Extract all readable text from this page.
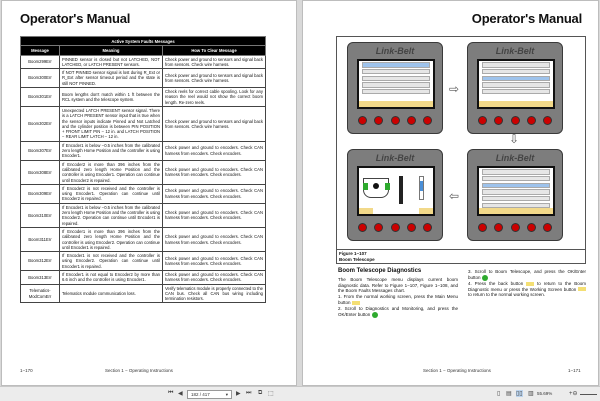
Operator's Manual
Active System Faults Messages		
Message	Meaning	How To Clear Message
Boom299Err	PINNED sensor is closed but not LATCHED, NOT LATCHED, or LATCH PRESENT sensors.	Check power and ground to sensors and signal back from sensors. Check wire harness.
Boom300Err	If NOT PINNED sensor signal is lost during R_Ext or R_Ext after sensor timeout period and the state is still NOT PINNED.	Check power and ground to sensors and signal back from sensors. Check wire harness.
Boom301Err	Boom lengths don't match within 1 ft between the RCL system and the telescope system.	Check reels for correct cable spooling. Look for any reason the reel would not show the correct boom length. Re-zero reels.
Boom302Err	Unexpected LATCH PRESENT sensor signal. There is a LATCH PRESENT sensor input that is true when the sensor inputs indicate Pinned and Not Latched and the cylinder position is between PIN POSITION + FRONT LIMIT PIN − 12 in. and LATCH POSITION − REAR LIMIT LATCH − 12 in.	Check power and ground to sensors and signal back from sensors. Check wire harness.
Boom307Err	If Encoder1 is below −0.5 inches from the calibrated zero length Home Position and the controller is using Encoder1.	Check power and ground to encoders. Check CAN harness from encoders. Check encoders.
Boom308Err	If Encoder2 is more than 396 inches from the calibrated zero length Home Position and the controller is using Encoder1. Operation can continue until Encoder2 is repaired.	Check power and ground to encoders. Check CAN harness from encoders. Check encoders.
Boom309Err	If Encoder2 is not received and the controller is using Encoder1. Operation can continue until Encoder2 is repaired.	Check power and ground to encoders. Check CAN harness from encoders. Check encoders.
Boom310Err	If Encoder1 is below −0.5 inches from the calibrated zero length Home Position and the controller is using Encoder2. Operation can continue until Encoder1 is repaired.	Check power and ground to encoders. Check CAN harness from encoders. Check encoders.
Boom311Err	If Encoder1 is more than 396 inches from the calibrated zero length Home Position and the controller is using Encoder2. Operation can continue until Encoder1 is repaired.	Check power and ground to encoders. Check CAN harness from encoders. Check encoders.
Boom312Err	If Encoder1 is not received and the controller is using Encoder2. Operation can continue until Encoder1 is repaired.	Check power and ground to encoders. Check CAN harness from encoders. Check encoders.
Boom313Err	If Encoder1 is not equal to Encoder2 by more than 6.6 inch and the controller is using Encoder1.	Check power and ground to encoders. Check CAN harness from encoders. Check encoders.
Telematics-ModComErr	Telematics module communication loss.	Verify telematics module is properly connected to the CAN bus. Check all CAN bus wiring including termination resistors.
1−170	Section 1 − Operating Instructions
Operator's Manual
Link-Belt
⇨
Link-Belt
⇩
Link-Belt
⇦
Link-Belt
Figure 1−107
Boom Telescope
Boom Telescope Diagnostics

The Boom Telescope menu displays current boom diagnostic data. Refer to Figure 1−107, Figure 1−108, and the Boom Faults Messages chart.

1. From the normal working screen, press the Main Menu button

2. Scroll to Diagnostics and Monitoring, and press the OK/Enter button

3. Scroll to Boom Telescope, and press the OK/Enter button

4. Press the back button	to return to the Boom Diagnostic menu or press the Working Screen button  to return to the normal working screen.

Section 1 − Operating Instructions	1−171
⏮ ◀	182 / 417	▾ ▶ ⏭ ⧉ ⬚	▯ ▤ ▯▯ ▥ 55.69%	+⊖
